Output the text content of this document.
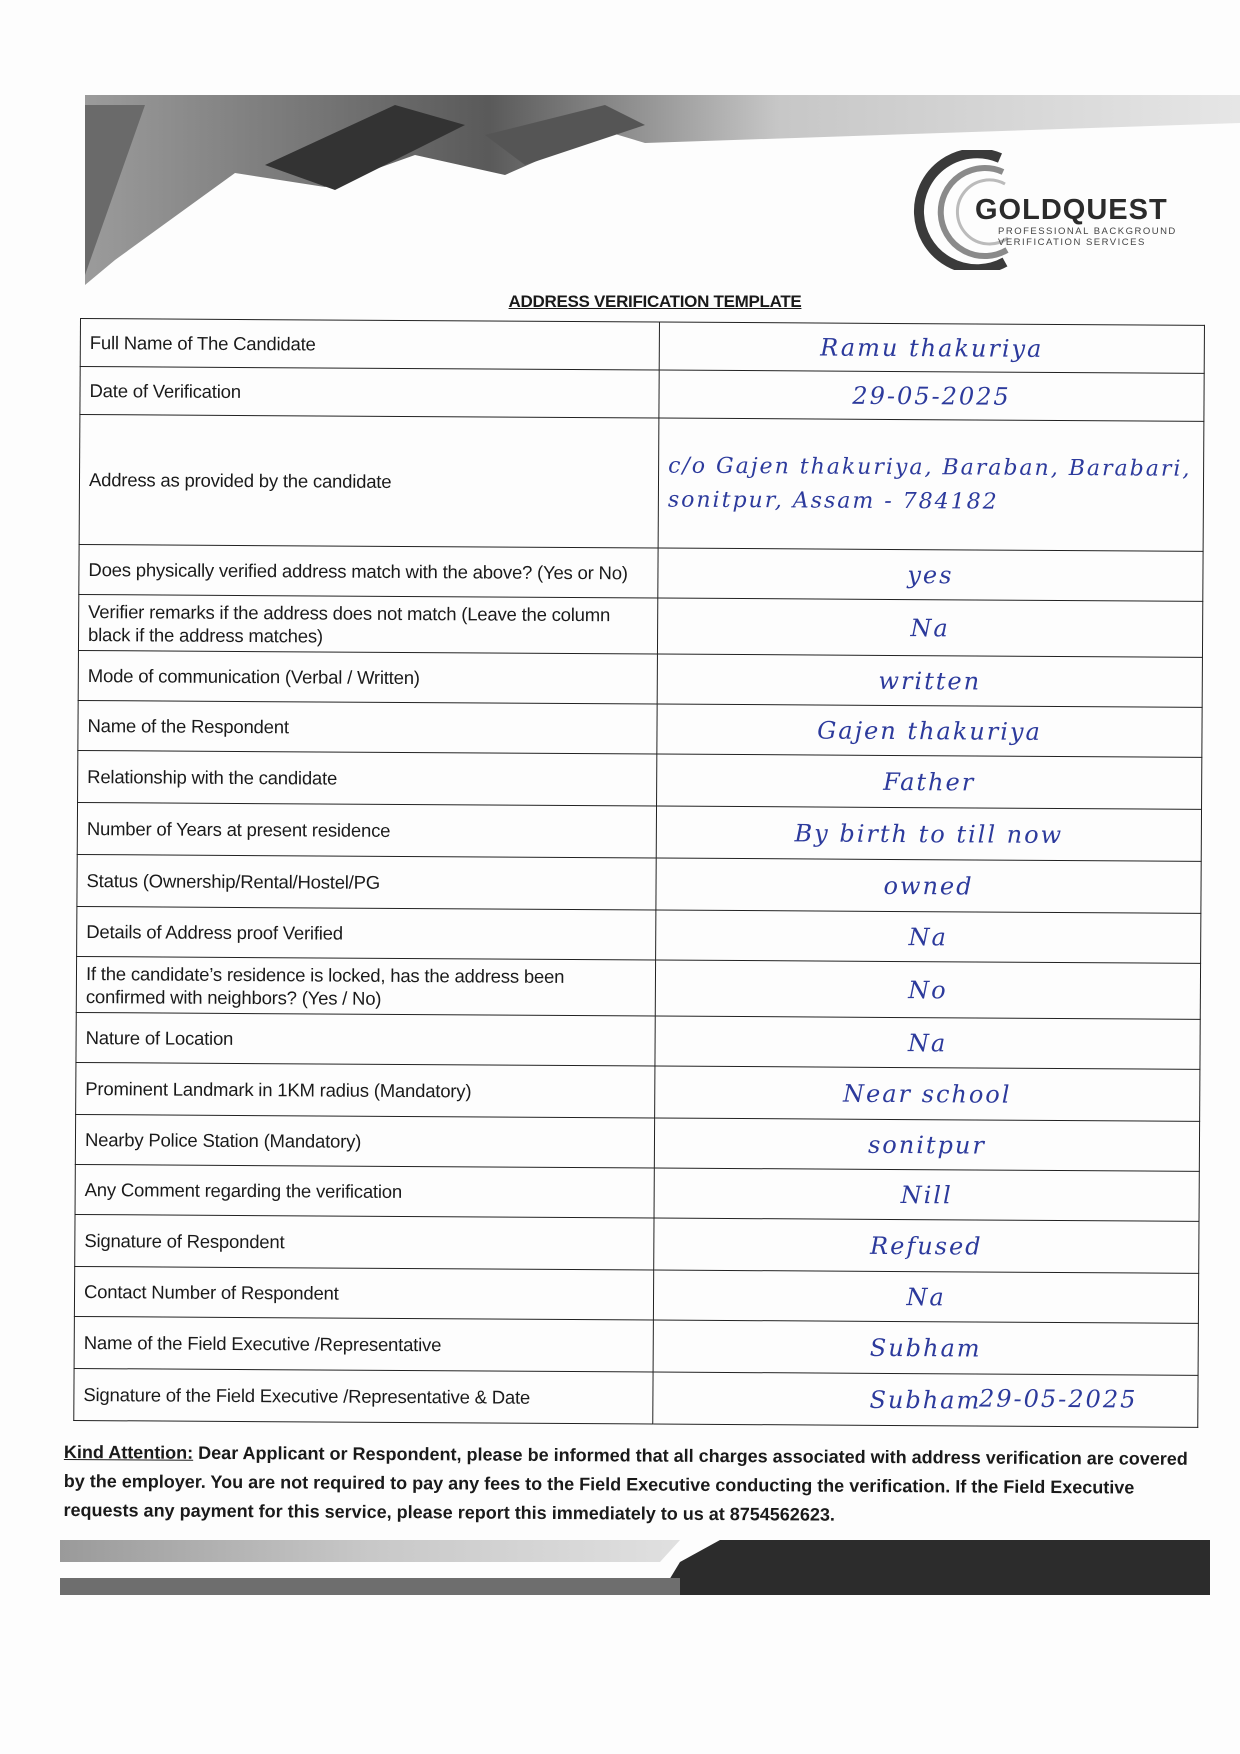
GOLDQUEST
PROFESSIONAL BACKGROUND VERIFICATION SERVICES
ADDRESS VERIFICATION TEMPLATE
Full Name of The Candidate	Ramu thakuriya
Date of Verification	29-05-2025
Address as provided by the candidate	c/o Gajen thakuriya, Baraban, Barabari, sonitpur, Assam - 784182
Does physically verified address match with the above? (Yes or No)	yes
Verifier remarks if the address does not match (Leave the column black if the address matches)	Na
Mode of communication (Verbal / Written)	written
Name of the Respondent	Gajen thakuriya
Relationship with the candidate	Father
Number of Years at present residence	By birth to till now
Status (Ownership/Rental/Hostel/PG	owned
Details of Address proof Verified	Na
If the candidate’s residence is locked, has the address been confirmed with neighbors? (Yes / No)	No
Nature of Location	Na
Prominent Landmark in 1KM radius (Mandatory)	Near school
Nearby Police Station (Mandatory)	sonitpur
Any Comment regarding the verification	Nill
Signature of Respondent	Refused
Contact Number of Respondent	Na
Name of the Field Executive /Representative	Subham
Signature of the Field Executive /Representative & Date	Subham
29-05-2025
Kind Attention: Dear Applicant or Respondent, please be informed that all charges associated with address verification are covered by the employer. You are not required to pay any fees to the Field Executive conducting the verification. If the Field Executive requests any payment for this service, please report this immediately to us at 8754562623.
